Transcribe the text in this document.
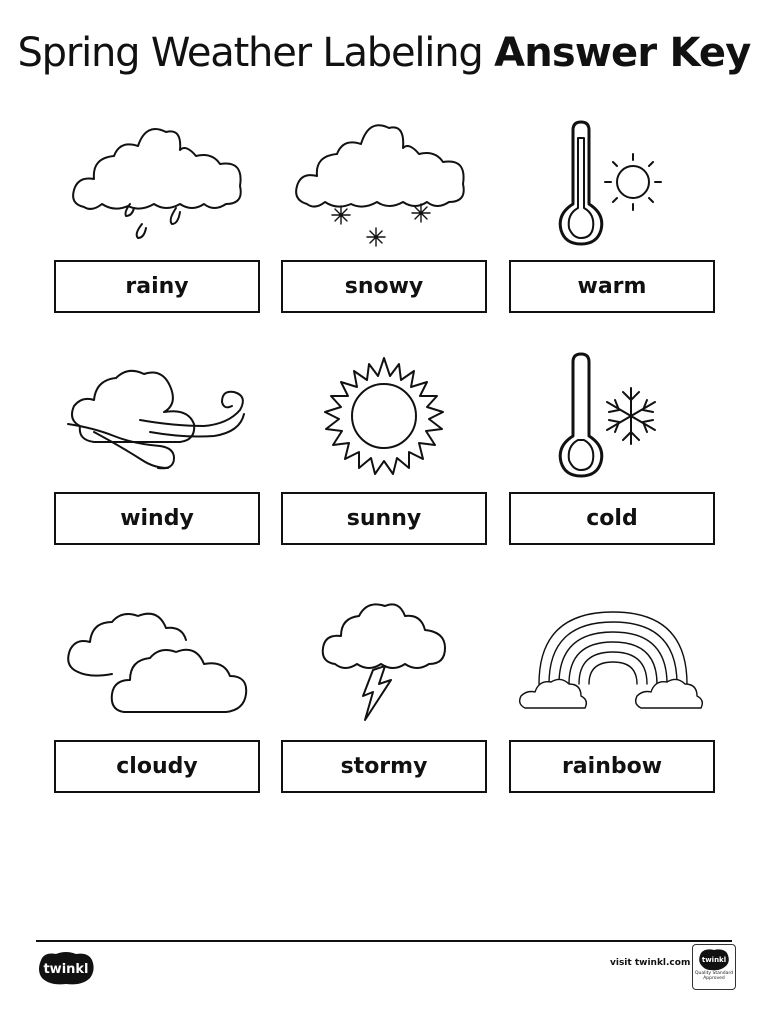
Spring Weather Labeling Answer Key
rainy	snowy	warm
windy	sunny	cold
cloudy	stormy	rainbow
twinkl	visit twinkl.com twinkl
Quality Standard Approved
